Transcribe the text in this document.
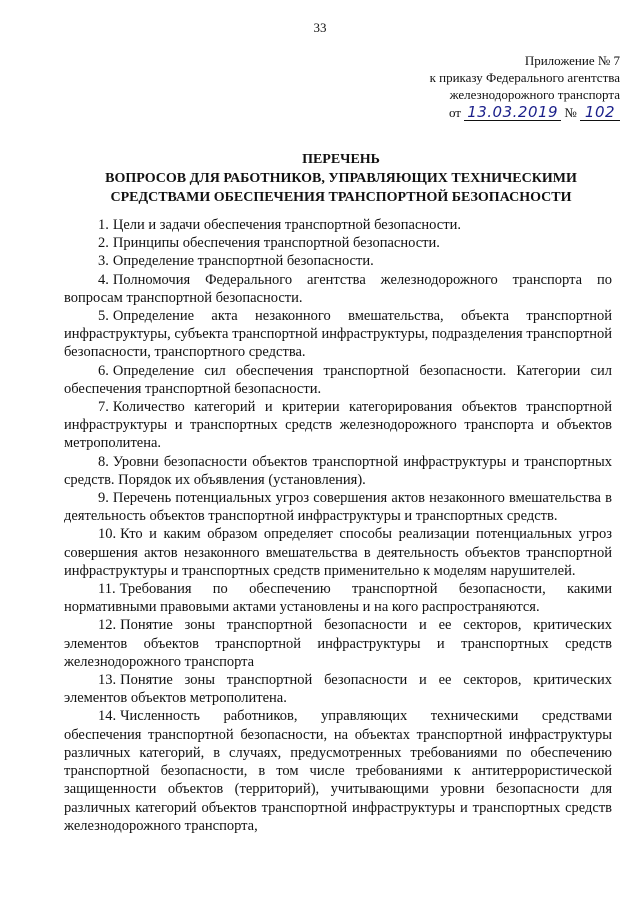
33
Приложение № 7
к приказу Федерального агентства
железнодорожного транспорта
от 13.03.2019 № 102
ПЕРЕЧЕНЬ
ВОПРОСОВ ДЛЯ РАБОТНИКОВ, УПРАВЛЯЮЩИХ ТЕХНИЧЕСКИМИ
СРЕДСТВАМИ ОБЕСПЕЧЕНИЯ ТРАНСПОРТНОЙ БЕЗОПАСНОСТИ

1. Цели и задачи обеспечения транспортной безопасности.

2. Принципы обеспечения транспортной безопасности.

3. Определение транспортной безопасности.

4. Полномочия Федерального агентства железнодорожного транспорта по вопросам транспортной безопасности.

5. Определение акта незаконного вмешательства, объекта транспортной инфраструктуры, субъекта транспортной инфраструктуры, подразделения транспортной безопасности, транспортного средства.

6. Определение сил обеспечения транспортной безопасности. Категории сил обеспечения транспортной безопасности.

7. Количество категорий и критерии категорирования объектов транспортной инфраструктуры и транспортных средств железнодорожного транспорта и объектов метрополитена.

8. Уровни безопасности объектов транспортной инфраструктуры и транспортных средств. Порядок их объявления (установления).

9. Перечень потенциальных угроз совершения актов незаконного вмешательства в деятельность объектов транспортной инфраструктуры и транспортных средств.

10. Кто и каким образом определяет способы реализации потенциальных угроз совершения актов незаконного вмешательства в деятельность объектов транспортной инфраструктуры и транспортных средств применительно к моделям нарушителей.

11. Требования по обеспечению транспортной безопасности, какими нормативными правовыми актами установлены и на кого распространяются.

12. Понятие зоны транспортной безопасности и ее секторов, критических элементов объектов транспортной инфраструктуры и транспортных средств железнодорожного транспорта

13. Понятие зоны транспортной безопасности и ее секторов, критических элементов объектов метрополитена.

14. Численность работников, управляющих техническими средствами обеспечения транспортной безопасности, на объектах транспортной инфраструктуры различных категорий, в случаях, предусмотренных требованиями по обеспечению транспортной безопасности, в том числе требованиями к антитеррористической защищенности объектов (территорий), учитывающими уровни безопасности для различных категорий объектов транспортной инфраструктуры и транспортных средств железнодорожного транспорта,
